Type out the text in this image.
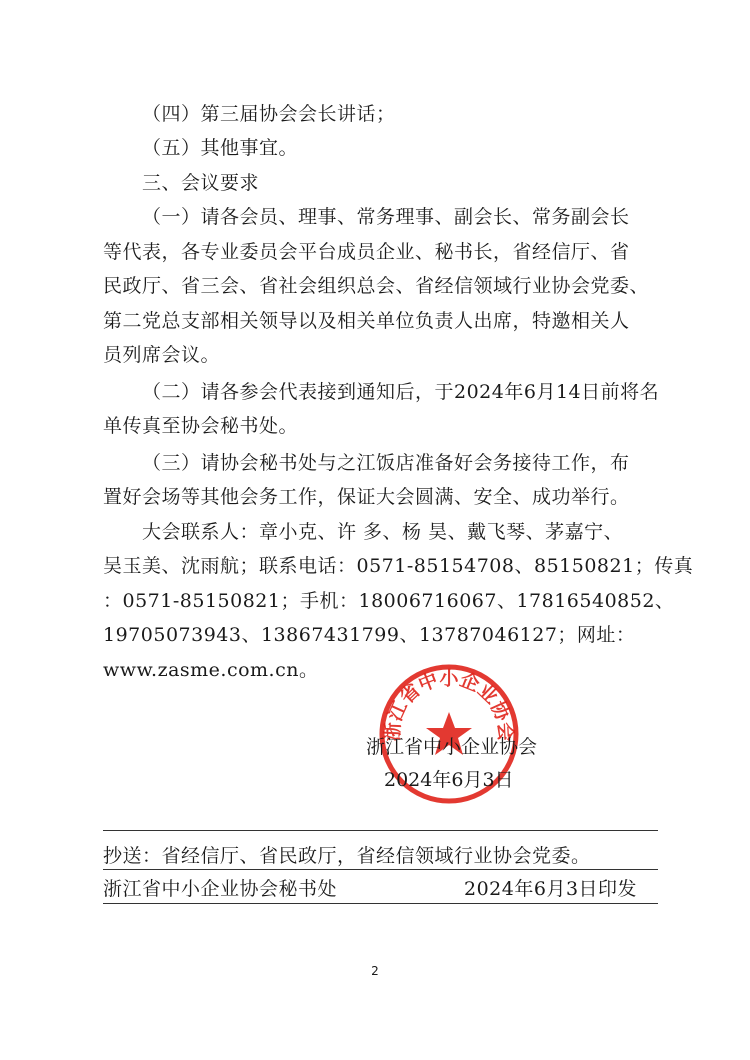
（四）第三届协会会长讲话；
（五）其他事宜。
三、会议要求
（一）请各会员、理事、常务理事、副会长、常务副会长
等代表，各专业委员会平台成员企业、秘书长，省经信厅、省
民政厅、省三会、省社会组织总会、省经信领域行业协会党委、
第二党总支部相关领导以及相关单位负责人出席，特邀相关人
员列席会议。
（二）请各参会代表接到通知后，于2024年6月14日前将名
单传真至协会秘书处。
（三）请协会秘书处与之江饭店准备好会务接待工作，布
置好会场等其他会务工作，保证大会圆满、安全、成功举行。
大会联系人：章小克、许 多、杨 昊、戴飞琴、茅嘉宁、
吴玉美、沈雨航；联系电话：0571-85154708、85150821；传真
：0571-85150821；手机：18006716067、17816540852、
19705073943、13867431799、13787046127；网址：
www.zasme.com.cn。
浙江省中小企业协会
浙江省中小企业协会
2024年6月3日
抄送：省经信厅、省民政厅，省经信领域行业协会党委。
浙江省中小企业协会秘书处	2024年6月3日印发
2
